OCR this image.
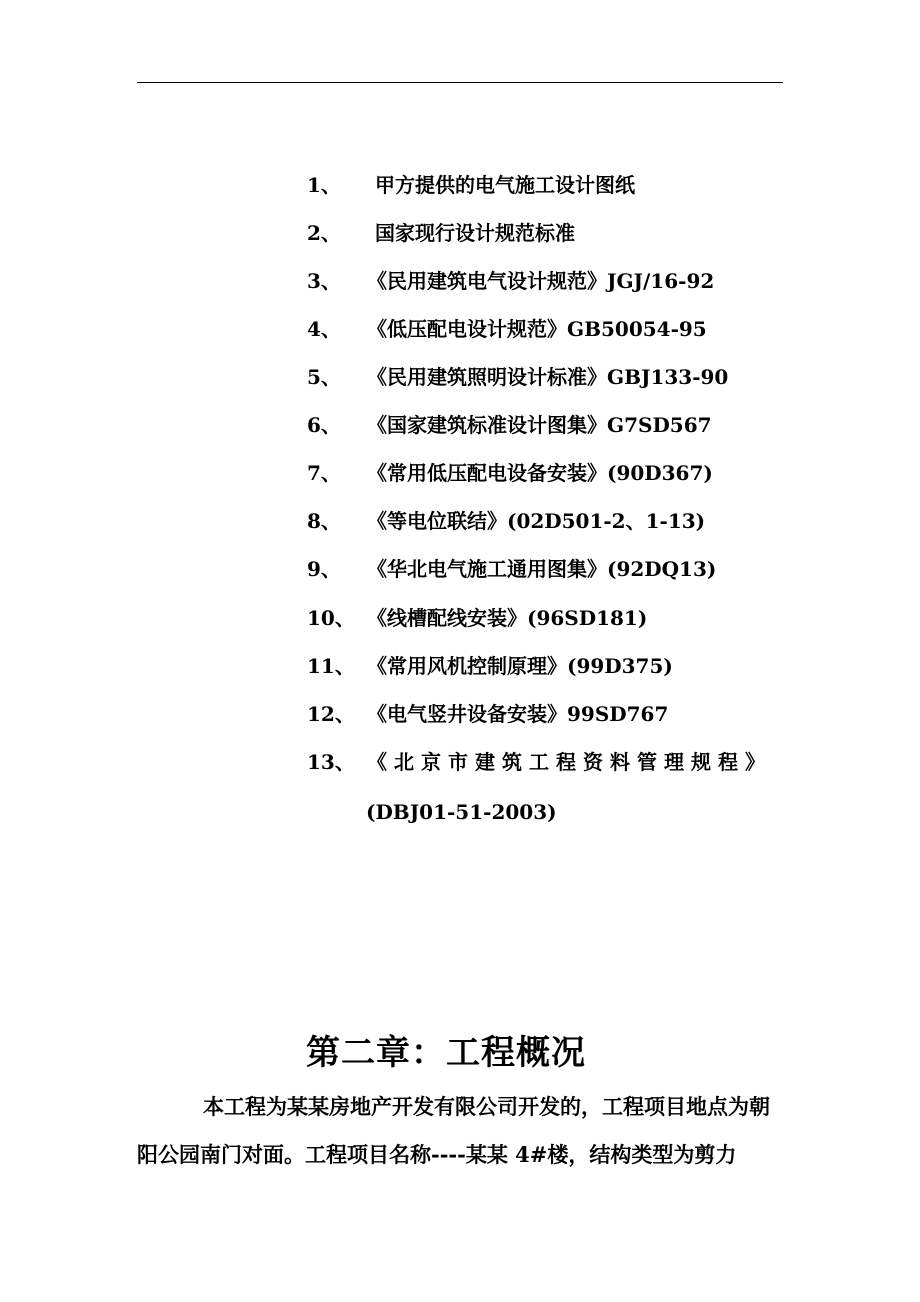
1、 甲方提供的电气施工设计图纸
2、 国家现行设计规范标准
3、 《民用建筑电气设计规范》JGJ/16-92
4、 《低压配电设计规范》GB50054-95
5、 《民用建筑照明设计标准》GBJ133-90
6、 《国家建筑标准设计图集》G7SD567
7、 《常用低压配电设备安装》(90D367)
8、 《等电位联结》(02D501-2、1-13)
9、 《华北电气施工通用图集》(92DQ13)
10、 《线槽配线安装》(96SD181)
11、 《常用风机控制原理》(99D375)
12、 《电气竖井设备安装》99SD767
13、 《北京市建筑工程资料管理规程》
(DBJ01-51-2003)
第二章：工程概况
本工程为某某房地产开发有限公司开发的，工程项目地点为朝
阳公园南门对面。工程项目名称----某某 4#楼，结构类型为剪力
